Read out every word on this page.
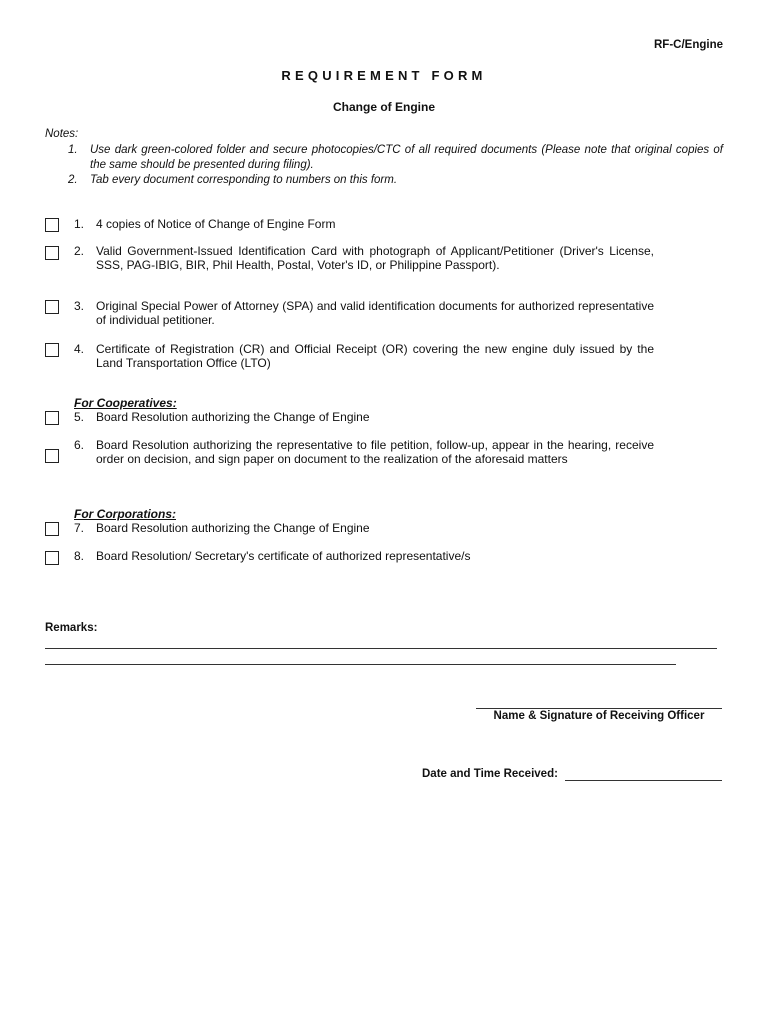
RF-C/Engine
REQUIREMENT FORM
Change of Engine
Notes:
1. Use dark green-colored folder and secure photocopies/CTC of all required documents (Please note that original copies of the same should be presented during filing).
2. Tab every document corresponding to numbers on this form.
1. 4 copies of Notice of Change of Engine Form
2. Valid Government-Issued Identification Card with photograph of Applicant/Petitioner (Driver's License, SSS, PAG-IBIG, BIR, Phil Health, Postal, Voter's ID, or Philippine Passport).
3. Original Special Power of Attorney (SPA) and valid identification documents for authorized representative of individual petitioner.
4. Certificate of Registration (CR) and Official Receipt (OR) covering the new engine duly issued by the Land Transportation Office (LTO)
For Cooperatives:
5. Board Resolution authorizing the Change of Engine
6. Board Resolution authorizing the representative to file petition, follow-up, appear in the hearing, receive order on decision, and sign paper on document to the realization of the aforesaid matters
For Corporations:
7. Board Resolution authorizing the Change of Engine
8. Board Resolution/ Secretary's certificate of authorized representative/s
Remarks:
Name & Signature of Receiving Officer
Date and Time Received:
